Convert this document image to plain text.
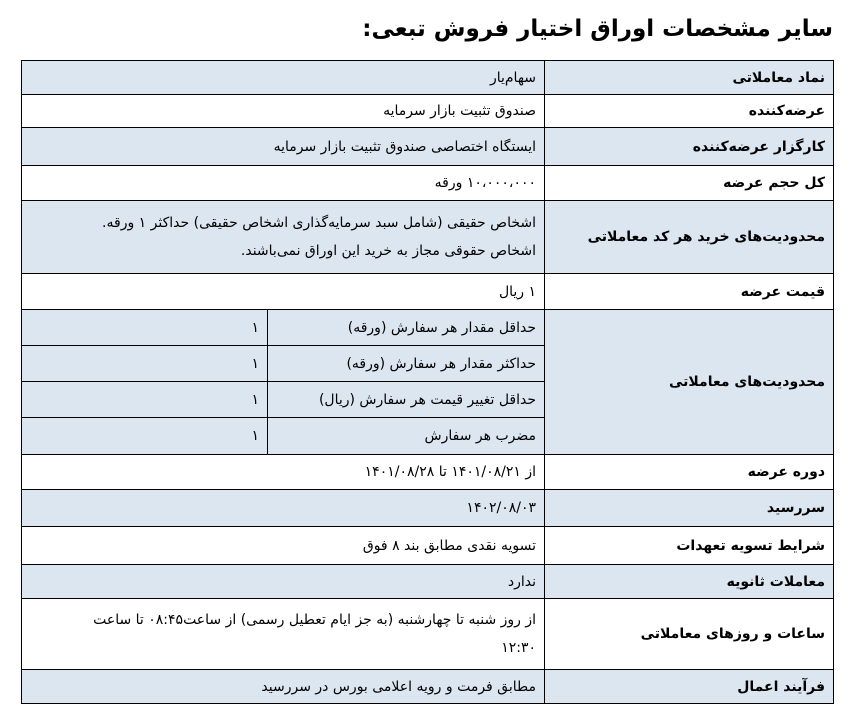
سایر مشخصات اوراق اختیار فروش تبعی:
نماد معاملاتی	سهام‌یار	
عرضه‌کننده	صندوق تثبیت بازار سرمایه	
کارگزار عرضه‌کننده	ایستگاه اختصاصی صندوق تثبیت بازار سرمایه	
کل حجم عرضه	۱۰،۰۰۰،۰۰۰ ورقه	
محدودیت‌های خرید هر کد معاملاتی	اشخاص حقیقی (شامل سبد سرمایه‌گذاری اشخاص حقیقی) حداکثر ۱ ورقه.
اشخاص حقوقی مجاز به خرید این اوراق نمی‌باشند.	

قیمت عرضه	۱ ریال	
محدودیت‌های معاملاتی	حداقل مقدار هر سفارش (ورقه)	۱
	حداکثر مقدار هر سفارش (ورقه)	۱
	حداقل تغییر قیمت هر سفارش (ریال)	۱
	مضرب هر سفارش	۱
دوره عرضه	از ۱۴۰۱/۰۸/۲۱ تا ۱۴۰۱/۰۸/۲۸	
سررسید	۱۴۰۲/۰۸/۰۳	
شرایط تسویه تعهدات	تسویه نقدی مطابق بند ۸ فوق	
معاملات ثانویه	ندارد	
ساعات و روزهای معاملاتی	از روز شنبه تا چهارشنبه (به جز ایام تعطیل رسمی) از ساعت۰۸:۴۵ تا ساعت
۱۲:۳۰	

فرآیند اعمال	مطابق فرمت و رویه اعلامی بورس در سررسید	
